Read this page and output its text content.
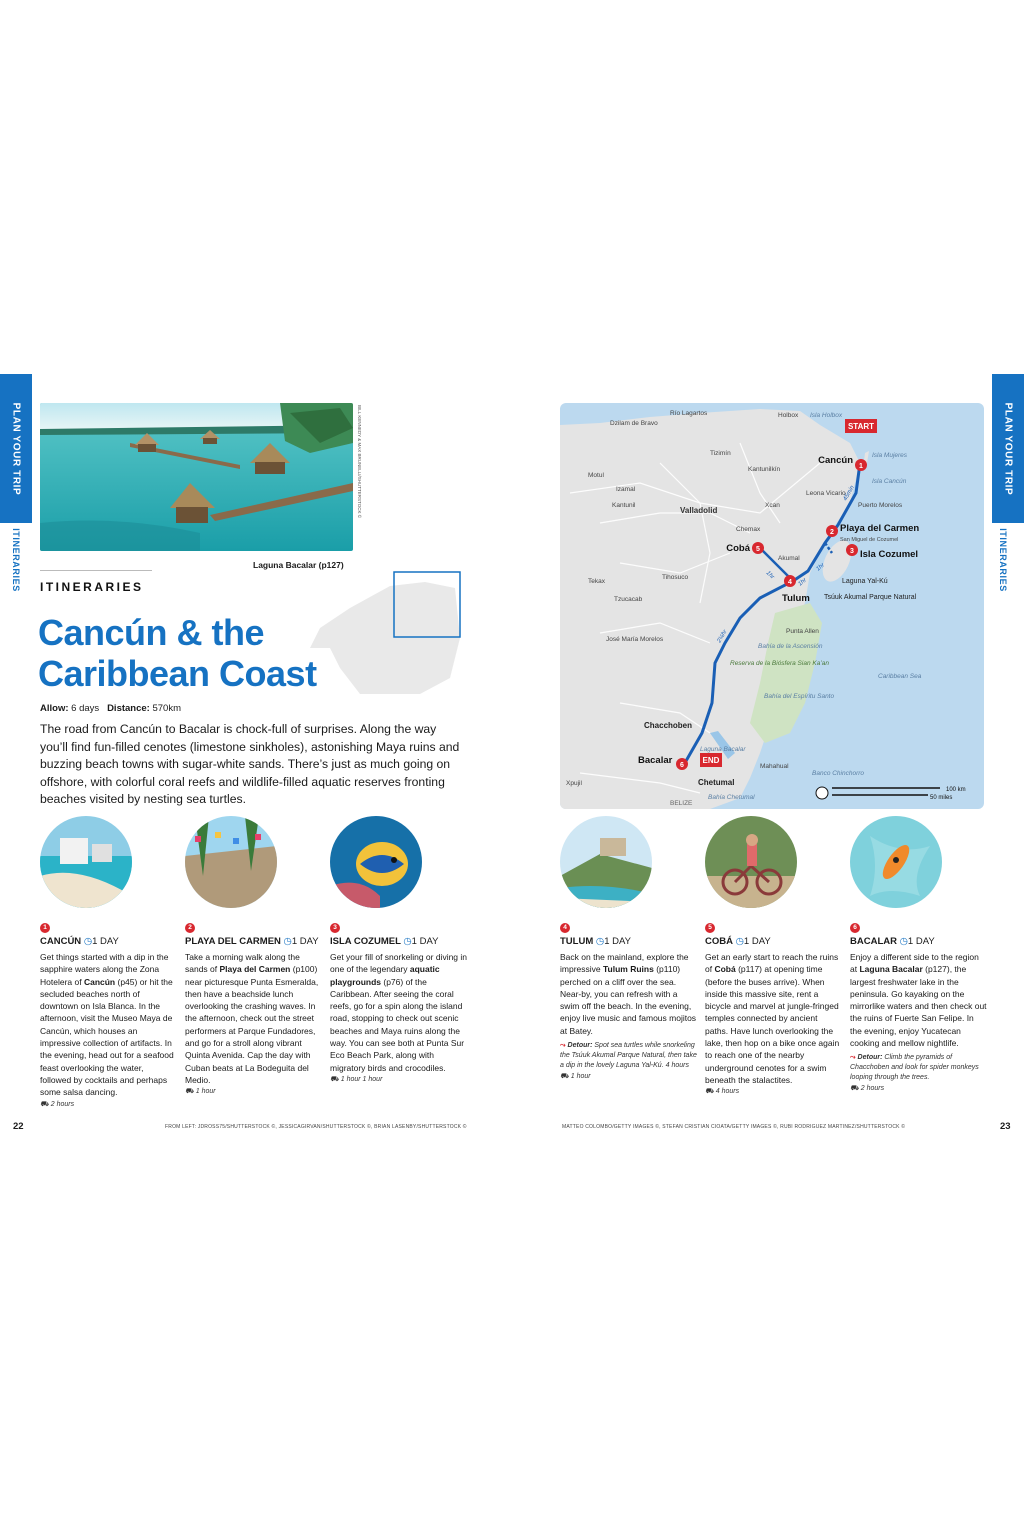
PLAN YOUR TRIP
ITINERARIES
BILL KENNEDY & MAX BRUNELLI/SHUTTERSTOCK ©
Laguna Bacalar (p127)
ITINERARIES
Cancún & the
Caribbean Coast
Allow: 6 days Distance: 570km
The road from Cancún to Bacalar is chock-full of surprises. Along the way you’ll find fun-filled cenotes (limestone sinkholes), astonishing Maya ruins and buzzing beach towns with sugar-white sands. There’s just as much going on offshore, with colorful coral reefs and wildlife-filled aquatic reserves fronting beaches visited by nesting sea turtles.
1
CANCÚN ◷1 DAY
Get things started with a dip in the sapphire waters along the Zona Hotelera of Cancún (p45) or hit the secluded beaches north of downtown on Isla Blanca. In the afternoon, visit the Museo Maya de Cancún, which houses an impressive collection of artifacts. In the evening, head out for a seafood feast overlooking the water, followed by cocktails and perhaps some salsa dancing.
⛟ 2 hours
2
PLAYA DEL CARMEN ◷1 DAY
Take a morning walk along the sands of Playa del Carmen (p100) near picturesque Punta Esmeralda, then have a beachside lunch overlooking the crashing waves. In the afternoon, check out the street performers at Parque Fundadores, and go for a stroll along vibrant Quinta Avenida. Cap the day with Cuban beats at La Bodeguita del Medio.
⛟ 1 hour
3
ISLA COZUMEL ◷1 DAY
Get your fill of snorkeling or diving in one of the legendary aquatic playgrounds (p76) of the Caribbean. After seeing the coral reefs, go for a spin along the island road, stopping to check out scenic beaches and Maya ruins along the way. You can see both at Punta Sur Eco Beach Park, along with migratory birds and crocodiles.
⛟ 1 hour 1 hour
4
TULUM ◷1 DAY
Back on the mainland, explore the impressive Tulum Ruins (p110) perched on a cliff over the sea. Near-by, you can refresh with a swim off the beach. In the evening, enjoy live music and famous mojitos at Batey.
⤳ Detour: Spot sea turtles while snorkeling the Tsúuk Akumal Parque Natural, then take a dip in the lovely Laguna Yal-Kú. 4 hours
⛟ 1 hour
5
COBÁ ◷1 DAY
Get an early start to reach the ruins of Cobá (p117) at opening time (before the buses arrive). When inside this massive site, rent a bicycle and marvel at jungle-fringed temples connected by ancient paths. Have lunch overlooking the lake, then hop on a bike once again to reach one of the nearby underground cenotes for a swim beneath the stalactites.
⛟ 4 hours
6
BACALAR ◷1 DAY
Enjoy a different side to the region at Laguna Bacalar (p127), the largest freshwater lake in the peninsula. Go kayaking on the mirrorlike waters and then check out the ruins of Fuerte San Felipe. In the evening, enjoy Yucatecan cooking and mellow nightlife.
⤳ Detour: Climb the pyramids of Chacchoben and look for spider monkeys looping through the trees.
⛟ 2 hours
22	FROM LEFT: JDROSS75/SHUTTERSTOCK ©, JESSICAGIRVAN/SHUTTERSTOCK ©, BRIAN LASENBY/SHUTTERSTOCK ©
PLAN YOUR TRIP
ITINERARIES
START
END
1
Cancún
2 Playa del Carmen
3 Isla Cozumel
4
Tulum
5
Cobá
6
Bacalar
45min
1hr
1hr
1hr
2¼hr
Río Lagartos	Holbox Isla Holbox
Dzilam de Bravo
Tizimín
Kantunilkín
Motul
Izamal
Kantunil
Valladolid
Xcan
Leona Vicario
Chemax
Puerto Morelos
Isla Mujeres
Isla Cancún
San Miguel de Cozumel
Akumal
Tekax
Tihosuco
Tzucacab
José María Morelos
Punta Allen
Bahía de la Ascensión
Reserva de la Biósfera Sian Ka’an
Bahía del Espíritu Santo
Caribbean Sea
Chacchoben
Laguna Bacalar
Chetumal
BELIZE
Bahía Chetumal
Banco Chinchorro
Mahahual
Xpujil
Laguna Yal-Kú
Tsúuk Akumal Parque Natural
100 km
50 miles
23
MATTEO COLOMBO/GETTY IMAGES ©, STEFAN CRISTIAN CIOATA/GETTY IMAGES ©, RUBI RODRIGUEZ MARTINEZ/SHUTTERSTOCK ©
